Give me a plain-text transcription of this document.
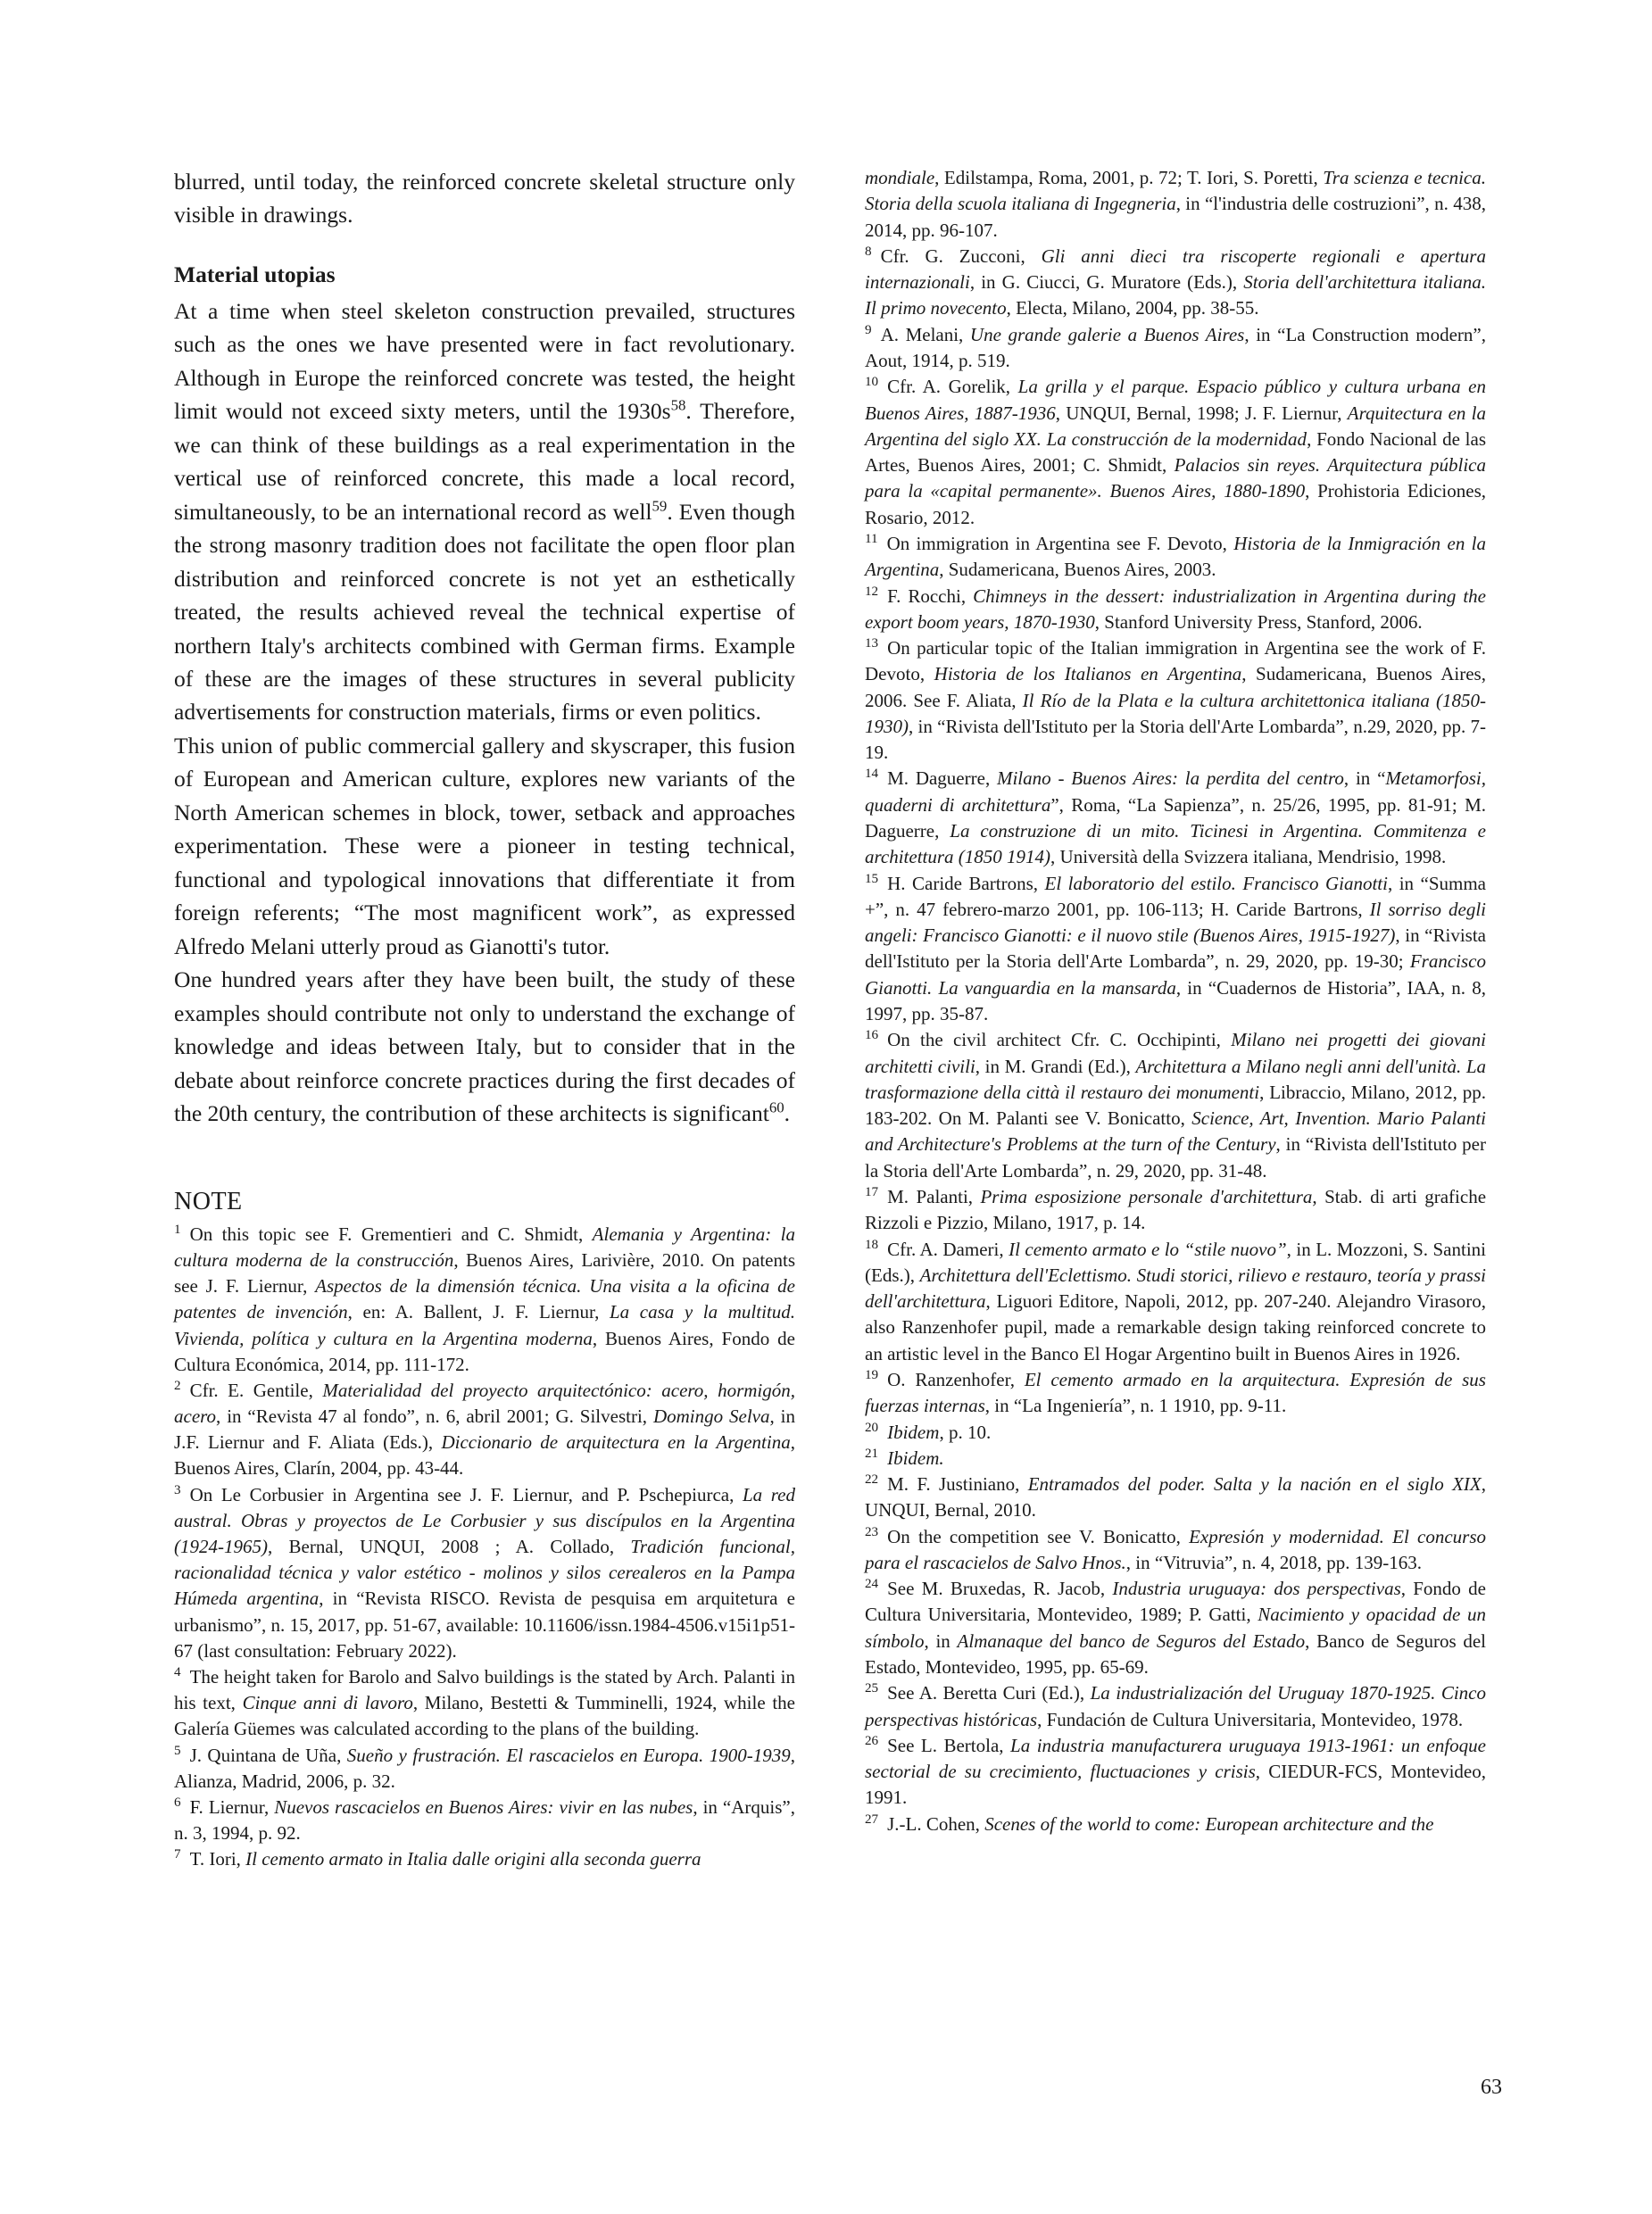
blurred, until today, the reinforced concrete skeletal structure only visible in drawings.

Material utopias

At a time when steel skeleton construction prevailed, structures such as the ones we have presented were in fact revolutionary. Although in Europe the reinforced concrete was tested, the height limit would not exceed sixty meters, until the $1930s^{58}$. Therefore, we can think of these buildings as a real experimentation in the vertical use of reinforced concrete, this made a local record, simultaneously, to be an international record as well$^{59}$. Even though the strong masonry tradition does not facilitate the open floor plan distribution and reinforced concrete is not yet an esthetically treated, the results achieved reveal the technical expertise of northern Italy's architects combined with German firms. Example of these are the images of these structures in several publicity advertisements for construction materials, firms or even politics.

This union of public commercial gallery and skyscraper, this fusion of European and American culture, explores new variants of the North American schemes in block, tower, setback and approaches experimentation. These were a pioneer in testing technical, functional and typological innovations that differentiate it from foreign referents; “The most magnificent work”, as expressed Alfredo Melani utterly proud as Gianotti's tutor.

One hundred years after they have been built, the study of these examples should contribute not only to understand the exchange of knowledge and ideas between Italy, but to consider that in the debate about reinforce concrete practices during the first decades of the 20th century, the contribution of these architects is significant$^{60}$.

NOTE

$^1$ On this topic see F. Grementieri and C. Shmidt, Alemania y Argentina: la cultura moderna de la construcción, Buenos Aires, Larivière, 2010. On patents see J. F. Liernur, Aspectos de la dimensión técnica. Una visita a la oficina de patentes de invención, en: A. Ballent, J. F. Liernur, La casa y la multitud. Vivienda, política y cultura en la Argentina moderna, Buenos Aires, Fondo de Cultura Económica, 2014, pp. 111-172.

$^2$ Cfr. E. Gentile, Materialidad del proyecto arquitectónico: acero, hormigón, acero, in “Revista 47 al fondo”, n. 6, abril 2001; G. Silvestri, Domingo Selva, in J.F. Liernur and F. Aliata (Eds.), Diccionario de arquitectura en la Argentina, Buenos Aires, Clarín, 2004, pp. 43-44.

$^3$ On Le Corbusier in Argentina see J. F. Liernur, and P. Pschepiurca, La red austral. Obras y proyectos de Le Corbusier y sus discípulos en la Argentina (1924-1965), Bernal, UNQUI, 2008 ; A. Collado, Tradición funcional, racionalidad técnica y valor estético - molinos y silos cerealeros en la Pampa Húmeda argentina, in “Revista RISCO. Revista de pesquisa em arquitetura e urbanismo”, n. 15, 2017, pp. 51-67, available: 10.11606/issn.1984-4506.v15i1p51-67 (last consultation: February 2022).

$^4$ The height taken for Barolo and Salvo buildings is the stated by Arch. Palanti in his text, Cinque anni di lavoro, Milano, Bestetti & Tumminelli, 1924, while the Galería Güemes was calculated according to the plans of the building.

$^5$ J. Quintana de Uña, Sueño y frustración. El rascacielos en Europa. 1900-1939, Alianza, Madrid, 2006, p. 32.

$^6$ F. Liernur, Nuevos rascacielos en Buenos Aires: vivir en las nubes, in “Arquis”, n. 3, 1994, p. 92.

$^7$ T. Iori, Il cemento armato in Italia dalle origini alla seconda guerra

mondiale, Edilstampa, Roma, 2001, p. 72; T. Iori, S. Poretti, Tra scienza e tecnica. Storia della scuola italiana di Ingegneria, in “l'industria delle costruzioni”, n. 438, 2014, pp. 96-107.

$^8$ Cfr. G. Zucconi, Gli anni dieci tra riscoperte regionali e apertura internazionali, in G. Ciucci, G. Muratore (Eds.), Storia dell'architettura italiana. Il primo novecento, Electa, Milano, 2004, pp. 38-55.

$^9$ A. Melani, Une grande galerie a Buenos Aires, in “La Construction modern”, Aout, 1914, p. 519.

$^{10}$ Cfr. A. Gorelik, La grilla y el parque. Espacio público y cultura urbana en Buenos Aires, 1887-1936, UNQUI, Bernal, 1998; J. F. Liernur, Arquitectura en la Argentina del siglo XX. La construcción de la modernidad, Fondo Nacional de las Artes, Buenos Aires, 2001; C. Shmidt, Palacios sin reyes. Arquitectura pública para la «capital permanente». Buenos Aires, 1880-1890, Prohistoria Ediciones, Rosario, 2012.

$^{11}$ On immigration in Argentina see F. Devoto, Historia de la Inmigración en la Argentina, Sudamericana, Buenos Aires, 2003.

$^{12}$ F. Rocchi, Chimneys in the dessert: industrialization in Argentina during the export boom years, 1870-1930, Stanford University Press, Stanford, 2006.

$^{13}$ On particular topic of the Italian immigration in Argentina see the work of F. Devoto, Historia de los Italianos en Argentina, Sudamericana, Buenos Aires, 2006. See F. Aliata, Il Río de la Plata e la cultura architettonica italiana (1850-1930), in “Rivista dell'Istituto per la Storia dell'Arte Lombarda”, n.29, 2020, pp. 7-19.

$^{14}$ M. Daguerre, Milano - Buenos Aires: la perdita del centro, in “Metamorfosi, quaderni di architettura”, Roma, “La Sapienza”, n. 25/26, 1995, pp. 81-91; M. Daguerre, La construzione di un mito. Ticinesi in Argentina. Commitenza e architettura (1850 1914), Università della Svizzera italiana, Mendrisio, 1998.

$^{15}$ H. Caride Bartrons, El laboratorio del estilo. Francisco Gianotti, in “Summa +”, n. 47 febrero-marzo 2001, pp. 106-113; H. Caride Bartrons, Il sorriso degli angeli: Francisco Gianotti: e il nuovo stile (Buenos Aires, 1915-1927), in “Rivista dell'Istituto per la Storia dell'Arte Lombarda”, n. 29, 2020, pp. 19-30; Francisco Gianotti. La vanguardia en la mansarda, in “Cuadernos de Historia”, IAA, n. 8, 1997, pp. 35-87.

$^{16}$ On the civil architect Cfr. C. Occhipinti, Milano nei progetti dei giovani architetti civili, in M. Grandi (Ed.), Architettura a Milano negli anni dell'unità. La trasformazione della città il restauro dei monumenti, Libraccio, Milano, 2012, pp. 183-202. On M. Palanti see V. Bonicatto, Science, Art, Invention. Mario Palanti and Architecture's Problems at the turn of the Century, in “Rivista dell'Istituto per la Storia dell'Arte Lombarda”, n. 29, 2020, pp. 31-48.

$^{17}$ M. Palanti, Prima esposizione personale d'architettura, Stab. di arti grafiche Rizzoli e Pizzio, Milano, 1917, p. 14.

$^{18}$ Cfr. A. Dameri, Il cemento armato e lo “stile nuovo”, in L. Mozzoni, S. Santini (Eds.), Architettura dell'Eclettismo. Studi storici, rilievo e restauro, teoría y prassi dell'architettura, Liguori Editore, Napoli, 2012, pp. 207-240. Alejandro Virasoro, also Ranzenhofer pupil, made a remarkable design taking reinforced concrete to an artistic level in the Banco El Hogar Argentino built in Buenos Aires in 1926.

$^{19}$ O. Ranzenhofer, El cemento armado en la arquitectura. Expresión de sus fuerzas internas, in “La Ingeniería”, n. 1 1910, pp. 9-11.

$^{20}$ Ibidem, p. 10.

$^{21}$ Ibidem.

$^{22}$ M. F. Justiniano, Entramados del poder. Salta y la nación en el siglo XIX, UNQUI, Bernal, 2010.

$^{23}$ On the competition see V. Bonicatto, Expresión y modernidad. El concurso para el rascacielos de Salvo Hnos., in “Vitruvia”, n. 4, 2018, pp. 139-163.

$^{24}$ See M. Bruxedas, R. Jacob, Industria uruguaya: dos perspectivas, Fondo de Cultura Universitaria, Montevideo, 1989; P. Gatti, Nacimiento y opacidad de un símbolo, in Almanaque del banco de Seguros del Estado, Banco de Seguros del Estado, Montevideo, 1995, pp. 65-69.

$^{25}$ See A. Beretta Curi (Ed.), La industrialización del Uruguay 1870-1925. Cinco perspectivas históricas, Fundación de Cultura Universitaria, Montevideo, 1978.

$^{26}$ See L. Bertola, La industria manufacturera uruguaya 1913-1961: un enfoque sectorial de su crecimiento, fluctuaciones y crisis, CIEDUR-FCS, Montevideo, 1991.

$^{27}$ J.-L. Cohen, Scenes of the world to come: European architecture and the

63
